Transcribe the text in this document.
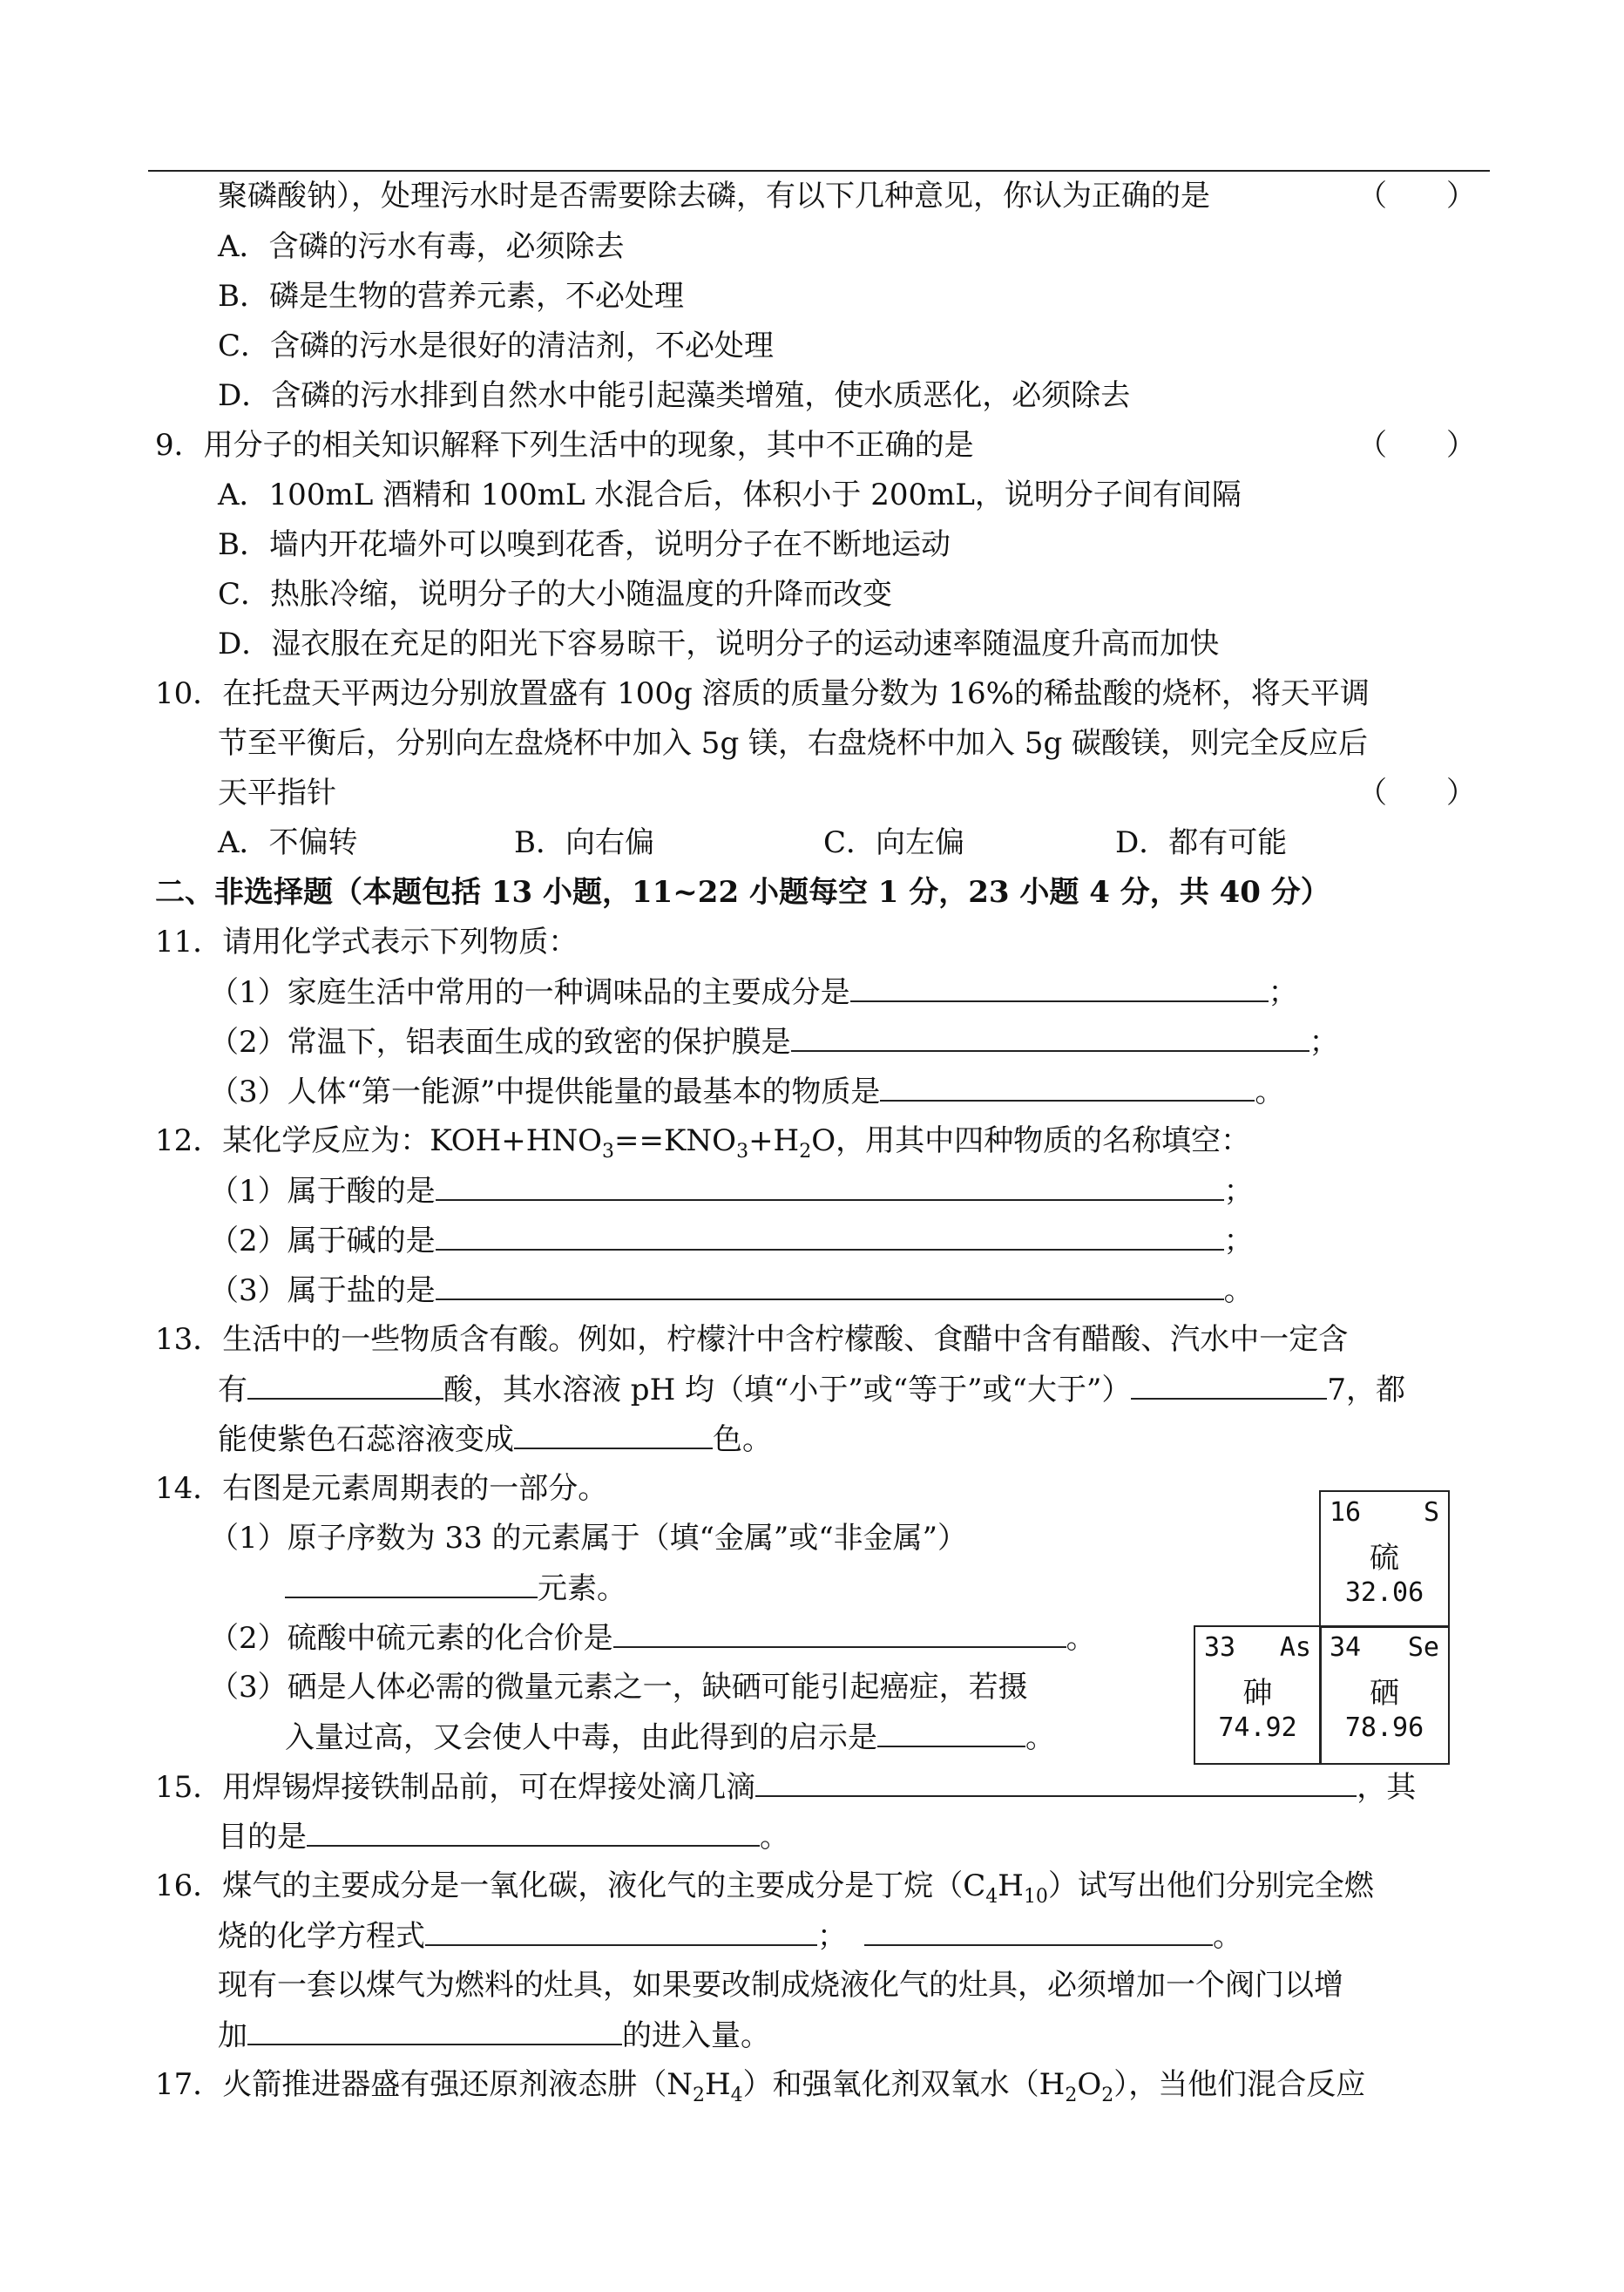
聚磷酸钠），处理污水时是否需要除去磷，有以下几种意见，你认为正确的是	（　　）
A．含磷的污水有毒，必须除去
B．磷是生物的营养元素，不必处理
C．含磷的污水是很好的清洁剂，不必处理
D．含磷的污水排到自然水中能引起藻类增殖，使水质恶化，必须除去
9．用分子的相关知识解释下列生活中的现象，其中不正确的是	（　　）
A．100mL 酒精和 100mL 水混合后，体积小于 200mL，说明分子间有间隔
B．墙内开花墙外可以嗅到花香，说明分子在不断地运动
C．热胀冷缩，说明分子的大小随温度的升降而改变
D．湿衣服在充足的阳光下容易晾干，说明分子的运动速率随温度升高而加快
10．在托盘天平两边分别放置盛有 100g 溶质的质量分数为 16%的稀盐酸的烧杯，将天平调
节至平衡后，分别向左盘烧杯中加入 5g 镁，右盘烧杯中加入 5g 碳酸镁，则完全反应后
天平指针	（　　）
A．不偏转	B．向右偏	C．向左偏	D．都有可能
二、非选择题（本题包括 13 小题，11~22 小题每空 1 分，23 小题 4 分，共 40 分）
11．请用化学式表示下列物质：
（1）家庭生活中常用的一种调味品的主要成分是	；
（2）常温下，铝表面生成的致密的保护膜是	；
（3）人体“第一能源”中提供能量的最基本的物质是	。
12．某化学反应为：$KOH+HNO_3==KNO_3+H_2O$，用其中四种物质的名称填空：
（1）属于酸的是	；
（2）属于碱的是	；
（3）属于盐的是	。
13．生活中的一些物质含有酸。例如，柠檬汁中含柠檬酸、食醋中含有醋酸、汽水中一定含
有	酸，其水溶液 pH 均（填“小于”或“等于”或“大于”）	7，都
能使紫色石蕊溶液变成	色。
14．右图是元素周期表的一部分。
（1）原子序数为 33 的元素属于（填“金属”或“非金属”）
元素。
（2）硫酸中硫元素的化合价是	。
（3）硒是人体必需的微量元素之一，缺硒可能引起癌症，若摄
入量过高，又会使人中毒，由此得到的启示是	。
16 S
硫
32.06
33 As
砷
74.92
34 Se
硒
78.96
15．用焊锡焊接铁制品前，可在焊接处滴几滴	，其
目的是	。
16．煤气的主要成分是一氧化碳，液化气的主要成分是丁烷$(C_4H_{10})$试写出他们分别完全燃
烧的化学方程式	；	。
现有一套以煤气为燃料的灶具，如果要改制成烧液化气的灶具，必须增加一个阀门以增
加	的进入量。
17．火箭推进器盛有强还原剂液态肼$(N_2H_4)$和强氧化剂双氧水$(H_2O_2)$，当他们混合反应
